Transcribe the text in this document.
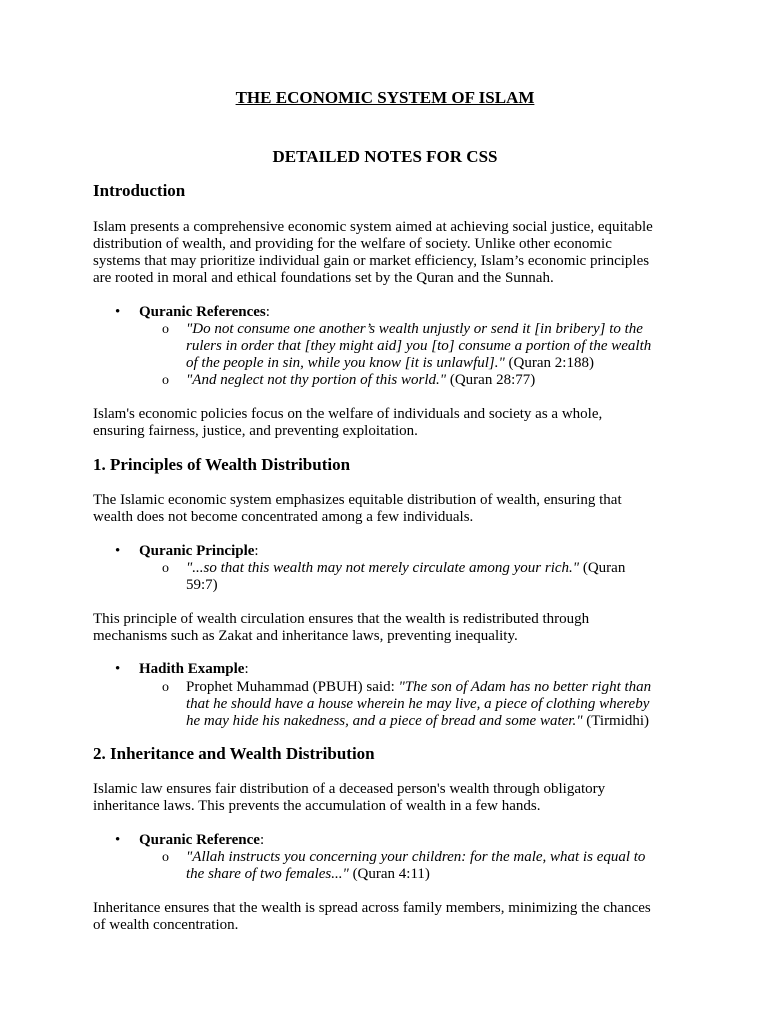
THE ECONOMIC SYSTEM OF ISLAM
DETAILED NOTES FOR CSS
Introduction

Islam presents a comprehensive economic system aimed at achieving social justice, equitable
distribution of wealth, and providing for the welfare of society. Unlike other economic
systems that may prioritize individual gain or market efficiency, Islam’s economic principles
are rooted in moral and ethical foundations set by the Quran and the Sunnah.

• Quranic References:
o "Do not consume one another’s wealth unjustly or send it [in bribery] to the
rulers in order that [they might aid] you [to] consume a portion of the wealth
of the people in sin, while you know [it is unlawful]." (Quran 2:188)
o "And neglect not thy portion of this world." (Quran 28:77)

Islam's economic policies focus on the welfare of individuals and society as a whole,
ensuring fairness, justice, and preventing exploitation.

1. Principles of Wealth Distribution

The Islamic economic system emphasizes equitable distribution of wealth, ensuring that
wealth does not become concentrated among a few individuals.

• Quranic Principle:
o "...so that this wealth may not merely circulate among your rich." (Quran
59:7)

This principle of wealth circulation ensures that the wealth is redistributed through
mechanisms such as Zakat and inheritance laws, preventing inequality.

• Hadith Example:
o Prophet Muhammad (PBUH) said: "The son of Adam has no better right than
that he should have a house wherein he may live, a piece of clothing whereby
he may hide his nakedness, and a piece of bread and some water." (Tirmidhi)
2. Inheritance and Wealth Distribution

Islamic law ensures fair distribution of a deceased person's wealth through obligatory
inheritance laws. This prevents the accumulation of wealth in a few hands.

• Quranic Reference:
o "Allah instructs you concerning your children: for the male, what is equal to
the share of two females..." (Quran 4:11)

Inheritance ensures that the wealth is spread across family members, minimizing the chances
of wealth concentration.
